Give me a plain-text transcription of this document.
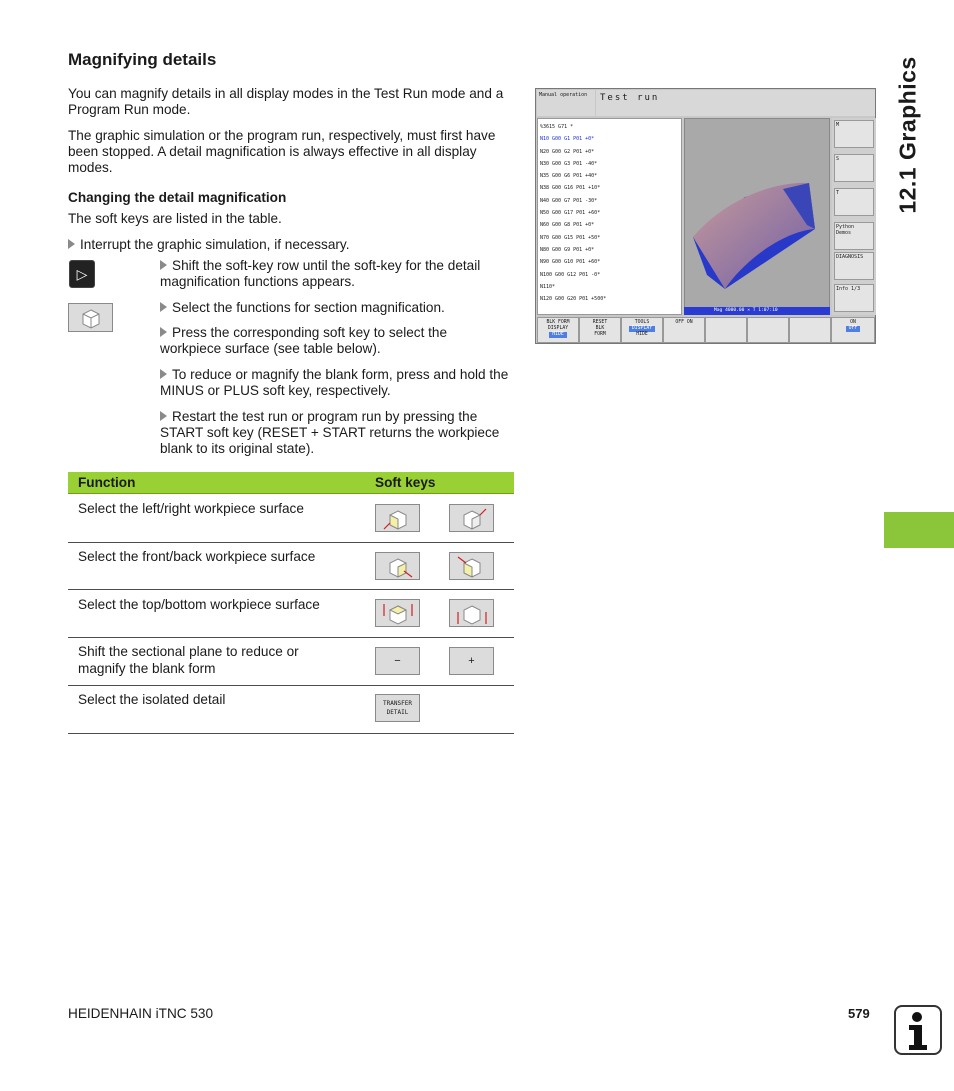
Magnifying details
You can magnify details in all display modes in the Test Run mode and a Program Run mode.
The graphic simulation or the program run, respectively, must first have been stopped. A detail magnification is always effective in all display modes.
Changing the detail magnification
The soft keys are listed in the table.
Interrupt the graphic simulation, if necessary.
▷
Shift the soft-key row until the soft-key for the detail magnification functions appears.
Select the functions for section magnification.
Press the corresponding soft key to select the workpiece surface (see table below).
To reduce or magnify the blank form, press and hold the MINUS or PLUS soft key, respectively.
Restart the test run or program run by pressing the START soft key (RESET + START returns the workpiece blank to its original state).
Manual operation	Test run
%3615 G71 *
N10 G00 G1 P01 +0*
N20 G00 G2 P01 +0*
N30 G00 G3 P01 -40*
N35 G00 G6 P01 +40*
N38 G00 G16 P01 +10*
N40 G00 G7 P01 -30*
N50 G00 G17 P01 +60*
N60 G00 G8 P01 +0*
N70 G00 G15 P01 +50*
N80 G00 G9 P01 +0*
N90 G00 G10 P01 +60*
N100 G00 G12 P01 -0*
N110*
N120 G00 G20 P01 +500*
Mag 4000.00 × T 1:07:10
M
S
T
Python Demos
DIAGNOSIS
Info 1/3
BLK FORM
DISPLAY
HIDE
RESET
BLK
FORM
TOOLS
DISPLAY
HIDE
OFF ON	ON
OFF
Function	Soft keys
Select the left/right workpiece surface
Select the front/back workpiece surface
Select the top/bottom workpiece surface
Shift the sectional plane to reduce or magnify the blank form	−	+
Select the isolated detail	TRANSFER
DETAIL
12.1 Graphics
HEIDENHAIN iTNC 530	579
